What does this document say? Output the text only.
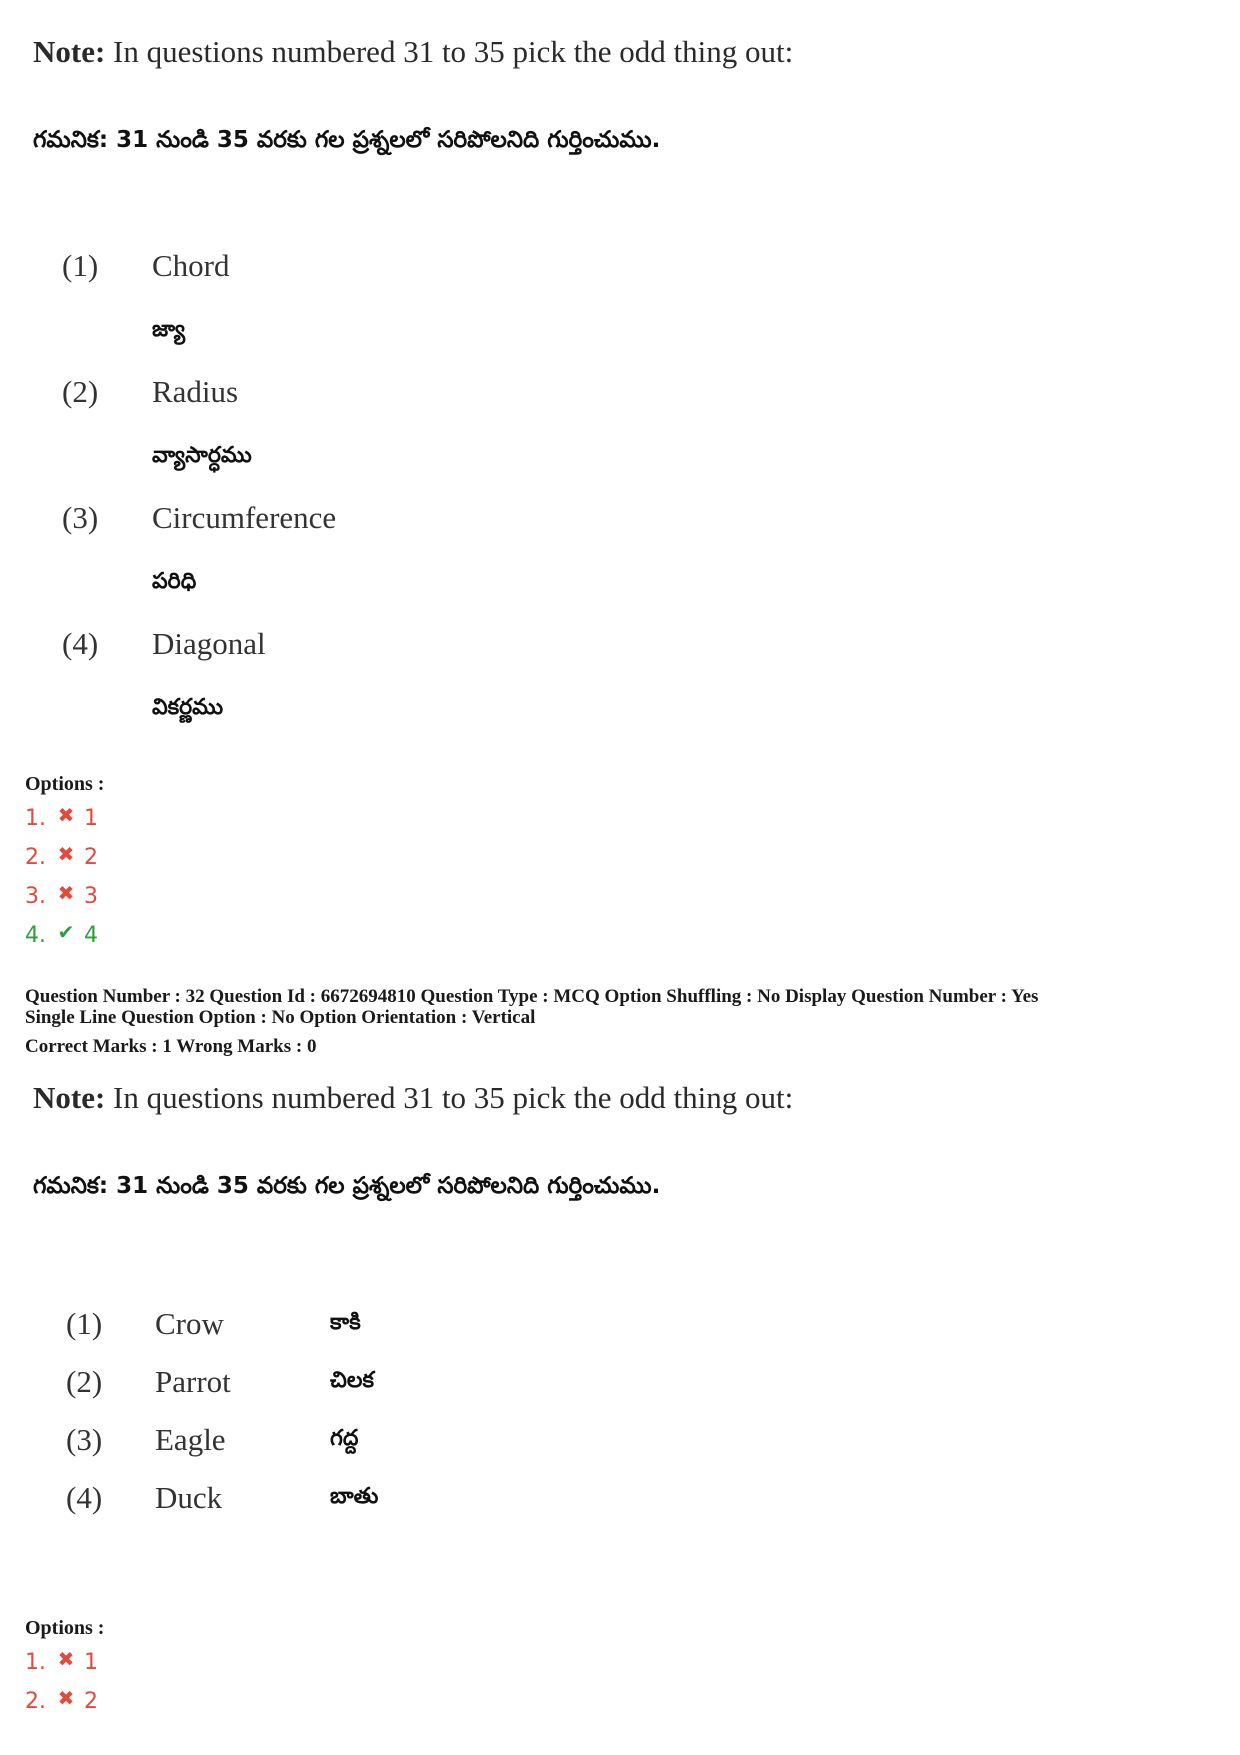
Note: In questions numbered 31 to 35 pick the odd thing out:
గమనిక: 31 నుండి 35 వరకు గల ప్రశ్నలలో సరిపోలనిది గుర్తించుము.
(1) Chord
జ్యా
(2) Radius
వ్యాసార్ధము
(3) Circumference
పరిధి
(4) Diagonal
వికర్ణము
Options :
1. ✖ 1
2. ✖ 2
3. ✖ 3
4. ✔ 4
Question Number : 32 Question Id : 6672694810 Question Type : MCQ Option Shuffling : No Display Question Number : Yes
Single Line Question Option : No Option Orientation : Vertical
Correct Marks : 1 Wrong Marks : 0
Note: In questions numbered 31 to 35 pick the odd thing out:
గమనిక: 31 నుండి 35 వరకు గల ప్రశ్నలలో సరిపోలనిది గుర్తించుము.
(1) Crow	కాకి
(2) Parrot	చిలక
(3) Eagle	గద్ద
(4) Duck	బాతు
Options :
1. ✖ 1
2. ✖ 2
